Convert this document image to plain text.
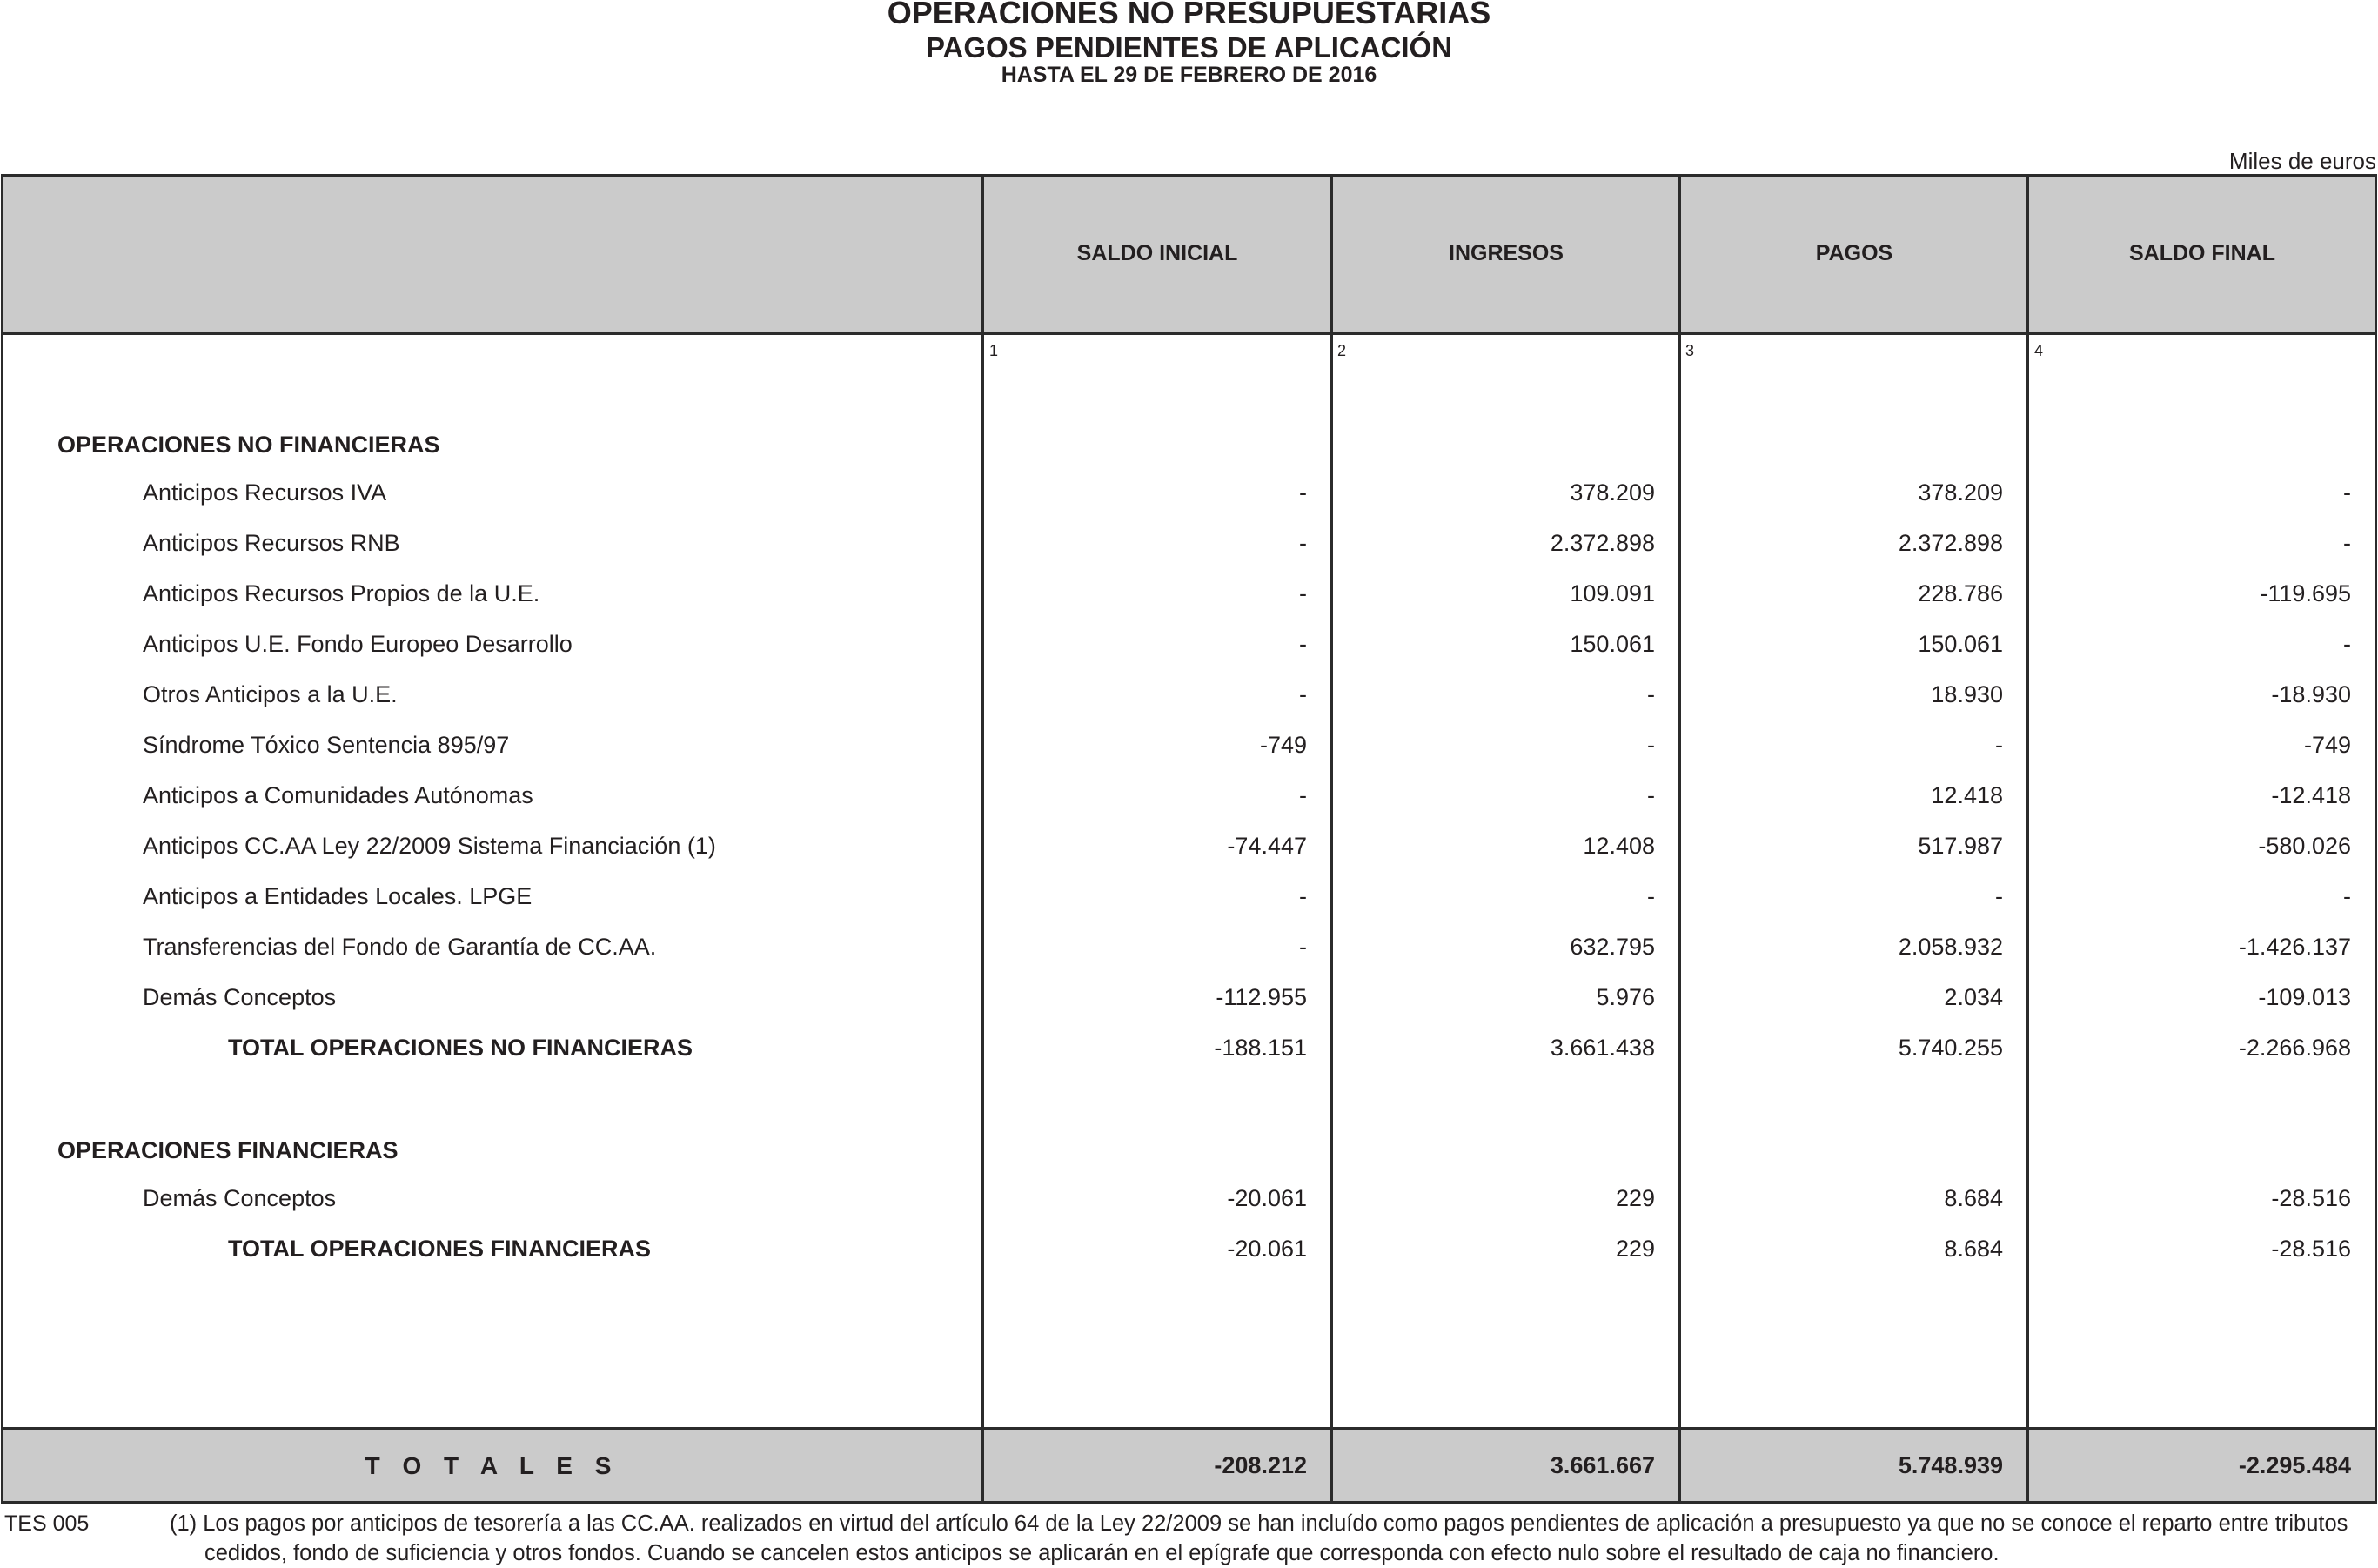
OPERACIONES NO PRESUPUESTARIAS
PAGOS PENDIENTES DE APLICACIÓN
HASTA EL 29 DE FEBRERO DE 2016
Miles de euros
SALDO INICIAL	INGRESOS	PAGOS	SALDO FINAL
1	2	3	4
OPERACIONES NO FINANCIERAS
Anticipos Recursos IVA	-	378.209	378.209	-
Anticipos Recursos RNB	-	2.372.898	2.372.898	-
Anticipos Recursos Propios de la U.E.	-	109.091	228.786	-119.695
Anticipos U.E. Fondo Europeo Desarrollo	-	150.061	150.061	-
Otros Anticipos a la U.E.	-	-	18.930	-18.930
Síndrome Tóxico Sentencia 895/97	-749	-	-	-749
Anticipos a Comunidades Autónomas	-	-	12.418	-12.418
Anticipos CC.AA Ley 22/2009 Sistema Financiación (1)	-74.447	12.408	517.987	-580.026
Anticipos a Entidades Locales. LPGE	-	-	-	-
Transferencias del Fondo de Garantía de CC.AA.	-	632.795	2.058.932	-1.426.137
Demás Conceptos	-112.955	5.976	2.034	-109.013
TOTAL OPERACIONES NO FINANCIERAS	-188.151	3.661.438	5.740.255	-2.266.968
OPERACIONES FINANCIERAS
Demás Conceptos	-20.061	229	8.684	-28.516
TOTAL OPERACIONES FINANCIERAS	-20.061	229	8.684	-28.516
T O T A L E S	-208.212	3.661.667	5.748.939	-2.295.484
TES 005	(1) Los pagos por anticipos de tesorería a las CC.AA. realizados en virtud del artículo 64 de la Ley 22/2009 se han incluído como pagos pendientes de aplicación a presupuesto ya que no se conoce el reparto entre tributos cedidos, fondo de suficiencia y otros fondos. Cuando se cancelen estos anticipos se aplicarán en el epígrafe que corresponda con efecto nulo sobre el resultado de caja no financiero.
